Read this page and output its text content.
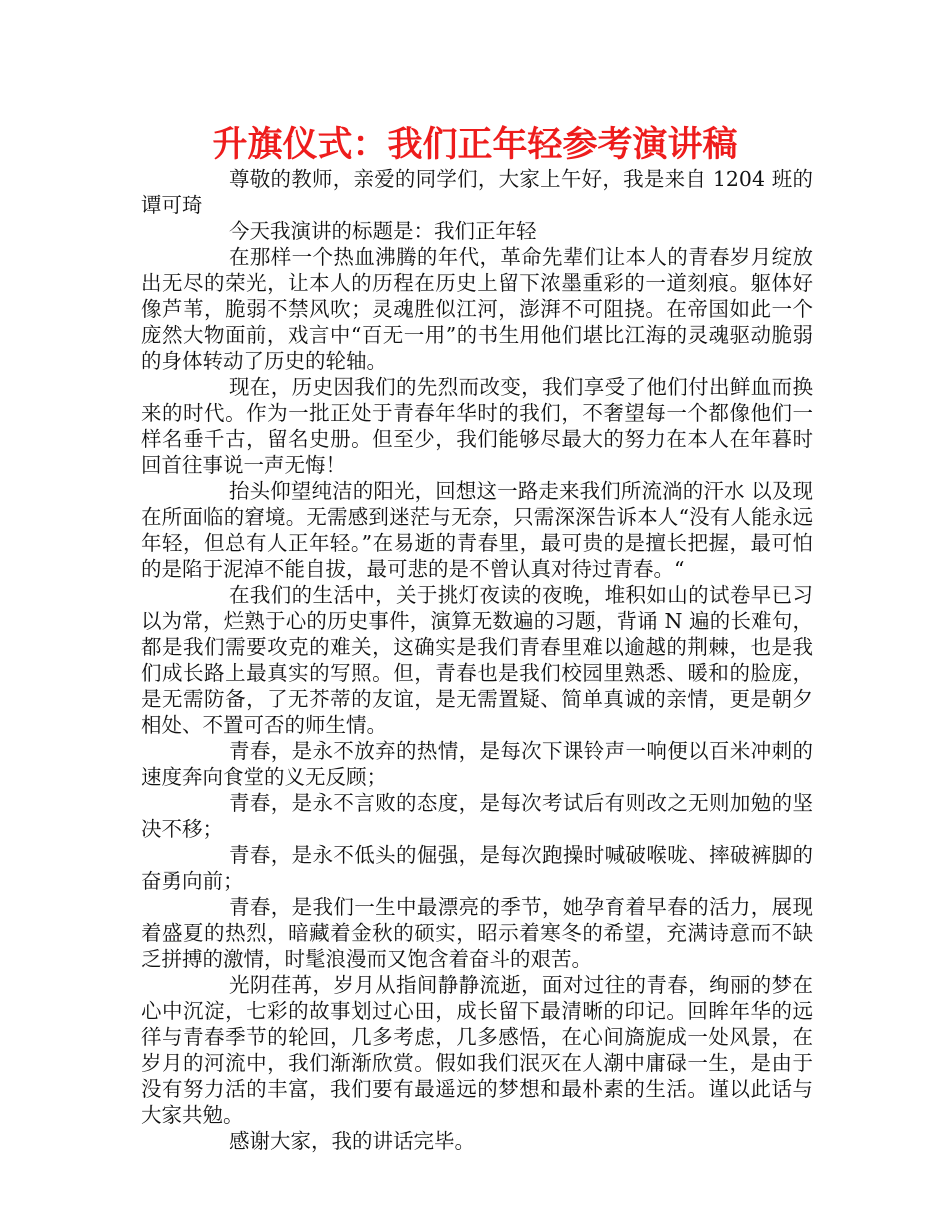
升旗仪式：我们正年轻参考演讲稿

尊敬的教师，亲爱的同学们，大家上午好，我是来自 1204 班的谭可琦

今天我演讲的标题是：我们正年轻

在那样一个热血沸腾的年代，革命先辈们让本人的青春岁月绽放出无尽的荣光，让本人的历程在历史上留下浓墨重彩的一道刻痕。躯体好像芦苇，脆弱不禁风吹；灵魂胜似江河，澎湃不可阻挠。在帝国如此一个庞然大物面前，戏言中“百无一用”的书生用他们堪比江海的灵魂驱动脆弱的身体转动了历史的轮轴。

现在，历史因我们的先烈而改变，我们享受了他们付出鲜血而换来的时代。作为一批正处于青春年华时的我们，不奢望每一个都像他们一样名垂千古，留名史册。但至少，我们能够尽最大的努力在本人在年暮时回首往事说一声无悔！

抬头仰望纯洁的阳光，回想这一路走来我们所流淌的汗水 以及现在所面临的窘境。无需感到迷茫与无奈，只需深深告诉本人“没有人能永远年轻，但总有人正年轻。”在易逝的青春里，最可贵的是擅长把握，最可怕的是陷于泥淖不能自拔，最可悲的是不曾认真对待过青春。“

在我们的生活中，关于挑灯夜读的夜晚，堆积如山的试卷早已习以为常，烂熟于心的历史事件，演算无数遍的习题，背诵 N 遍的长难句，都是我们需要攻克的难关，这确实是我们青春里难以逾越的荆棘，也是我们成长路上最真实的写照。但，青春也是我们校园里熟悉、暖和的脸庞，是无需防备，了无芥蒂的友谊，是无需置疑、简单真诚的亲情，更是朝夕相处、不置可否的师生情。

青春，是永不放弃的热情，是每次下课铃声一响便以百米冲刺的速度奔向食堂的义无反顾；

青春，是永不言败的态度，是每次考试后有则改之无则加勉的坚决不移；

青春，是永不低头的倔强，是每次跑操时喊破喉咙、摔破裤脚的奋勇向前；

青春，是我们一生中最漂亮的季节，她孕育着早春的活力，展现着盛夏的热烈，暗藏着金秋的硕实，昭示着寒冬的希望，充满诗意而不缺乏拼搏的激情，时髦浪漫而又饱含着奋斗的艰苦。

光阴荏苒，岁月从指间静静流逝，面对过往的青春，绚丽的梦在心中沉淀，七彩的故事划过心田，成长留下最清晰的印记。回眸年华的远徉与青春季节的轮回，几多考虑，几多感悟，在心间旖旎成一处风景，在岁月的河流中，我们渐渐欣赏。假如我们泯灭在人潮中庸碌一生，是由于没有努力活的丰富，我们要有最遥远的梦想和最朴素的生活。谨以此话与大家共勉。

感谢大家，我的讲话完毕。
